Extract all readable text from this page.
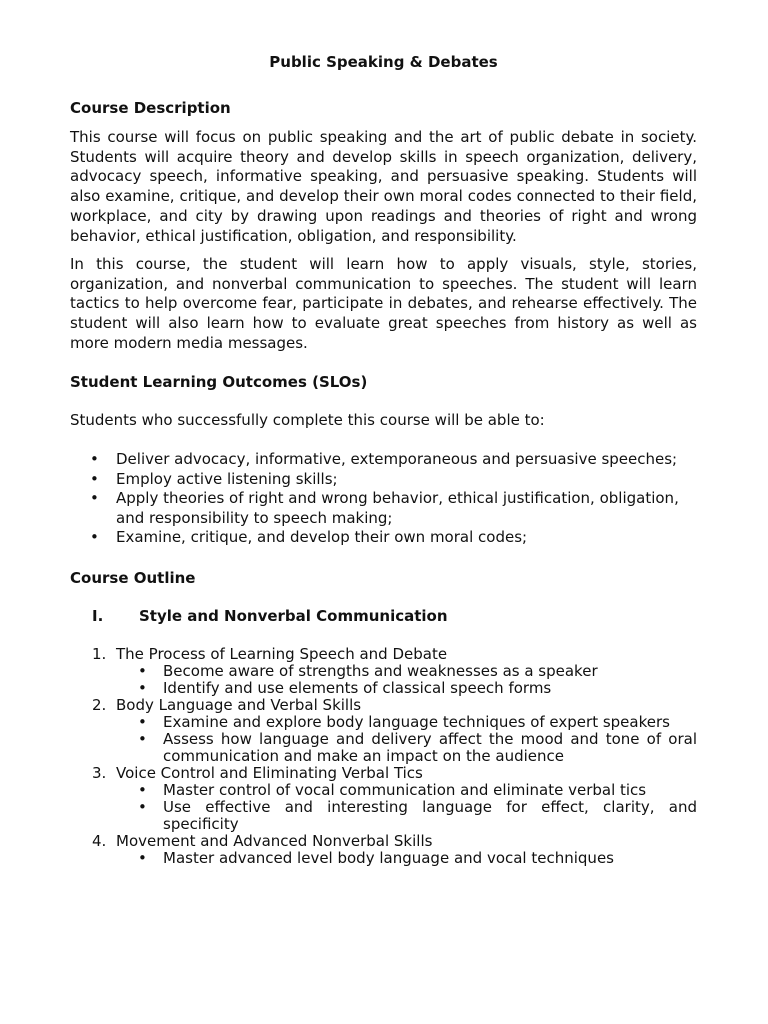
Public Speaking & Debates
Course Description

This course will focus on public speaking and the art of public debate in society. Students will acquire theory and develop skills in speech organization, delivery, advocacy speech, informative speaking, and persuasive speaking. Students will also examine, critique, and develop their own moral codes connected to their field, workplace, and city by drawing upon readings and theories of right and wrong behavior, ethical justification, obligation, and responsibility.

In this course, the student will learn how to apply visuals, style, stories, organization, and nonverbal communication to speeches. The student will learn tactics to help overcome fear, participate in debates, and rehearse effectively. The student will also learn how to evaluate great speeches from history as well as more modern media messages.

Student Learning Outcomes (SLOs)

Students who successfully complete this course will be able to:

• Deliver advocacy, informative, extemporaneous and persuasive speeches;
• Employ active listening skills;
• Apply theories of right and wrong behavior, ethical justification, obligation, and responsibility to speech making;
• Examine, critique, and develop their own moral codes;
Course Outline
I. Style and Nonverbal Communication
1. The Process of Learning Speech and Debate
• Become aware of strengths and weaknesses as a speaker
• Identify and use elements of classical speech forms
2. Body Language and Verbal Skills
• Examine and explore body language techniques of expert speakers
• Assess how language and delivery affect the mood and tone of oral communication and make an impact on the audience
3. Voice Control and Eliminating Verbal Tics
• Master control of vocal communication and eliminate verbal tics
• Use effective and interesting language for effect, clarity, and specificity
4. Movement and Advanced Nonverbal Skills
• Master advanced level body language and vocal techniques
